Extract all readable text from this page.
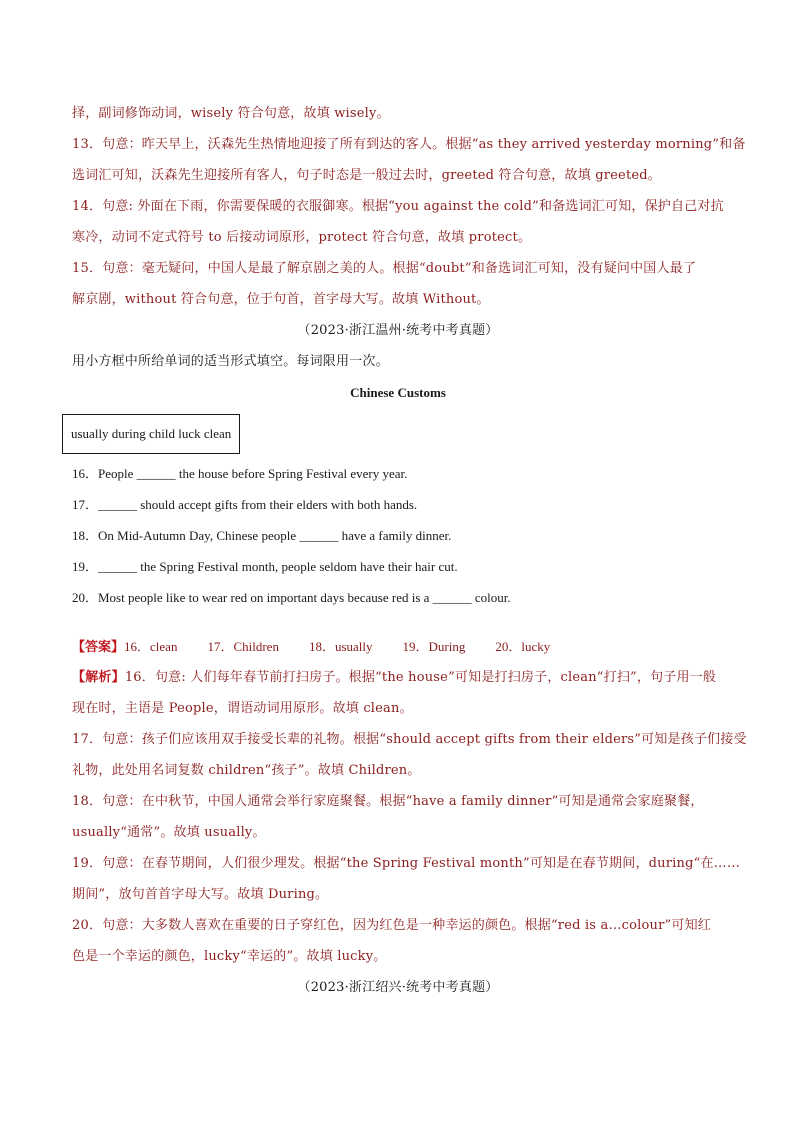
择，副词修饰动词，wisely 符合句意，故填 wisely。
13．句意：昨天早上，沃森先生热情地迎接了所有到达的客人。根据“as they arrived yesterday morning”和备
选词汇可知，沃森先生迎接所有客人，句子时态是一般过去时，greeted 符合句意，故填 greeted。
14．句意: 外面在下雨，你需要保暖的衣服御寒。根据“you against the cold”和备选词汇可知，保护自己对抗
寒冷，动词不定式符号 to 后接动词原形，protect 符合句意，故填 protect。
15．句意：毫无疑问，中国人是最了解京剧之美的人。根据“doubt”和备选词汇可知，没有疑问中国人最了
解京剧，without 符合句意，位于句首，首字母大写。故填 Without。
（2023·浙江温州·统考中考真题）
用小方框中所给单词的适当形式填空。每词限用一次。
Chinese Customs
usually during child luck clean
16．People ______ the house before Spring Festival every year.
17．______ should accept gifts from their elders with both hands.
18．On Mid-Autumn Day, Chinese people ______ have a family dinner.
19．______ the Spring Festival month, people seldom have their hair cut.
20．Most people like to wear red on important days because red is a ______ colour.
【答案】16．clean 17．Children 18．usually 19．During 20．lucky
【解析】16．句意: 人们每年春节前打扫房子。根据“the house”可知是打扫房子，clean“打扫”，句子用一般
现在时，主语是 People，谓语动词用原形。故填 clean。
17．句意：孩子们应该用双手接受长辈的礼物。根据“should accept gifts from their elders”可知是孩子们接受
礼物，此处用名词复数 children“孩子”。故填 Children。
18．句意：在中秋节，中国人通常会举行家庭聚餐。根据“have a family dinner”可知是通常会家庭聚餐，
usually“通常”。故填 usually。
19．句意：在春节期间，人们很少理发。根据“the Spring Festival month”可知是在春节期间，during“在……
期间”，放句首首字母大写。故填 During。
20．句意：大多数人喜欢在重要的日子穿红色，因为红色是一种幸运的颜色。根据“red is a…colour”可知红
色是一个幸运的颜色，lucky“幸运的”。故填 lucky。
（2023·浙江绍兴·统考中考真题）
